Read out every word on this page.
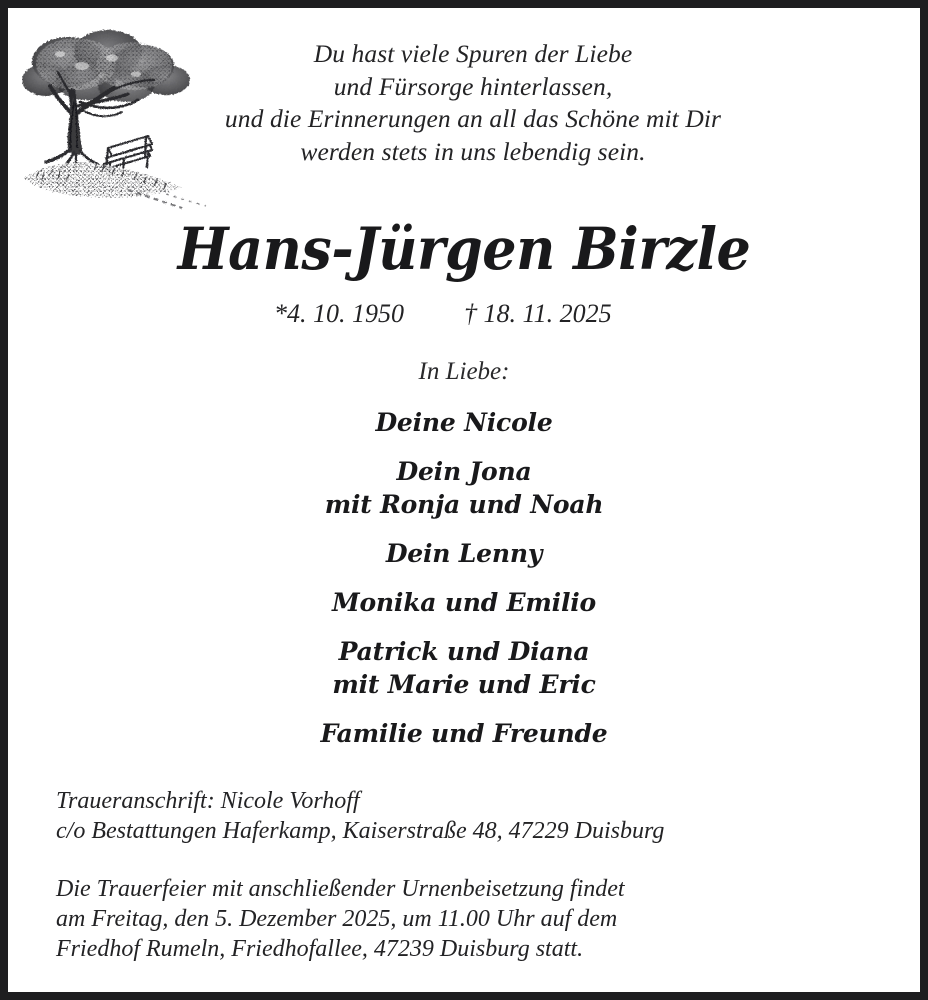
Du hast viele Spuren der Liebe
und Fürsorge hinterlassen,
und die Erinnerungen an all das Schöne mit Dir
werden stets in uns lebendig sein.
Hans-Jürgen Birzle
*4. 10. 1950	† 18. 11. 2025
In Liebe:
Deine Nicole
Dein Jona
mit Ronja und Noah
Dein Lenny
Monika und Emilio
Patrick und Diana
mit Marie und Eric
Familie und Freunde
Traueranschrift: Nicole Vorhoff
c/o Bestattungen Haferkamp, Kaiserstraße 48, 47229 Duisburg
Die Trauerfeier mit anschließender Urnenbeisetzung findet
am Freitag, den 5. Dezember 2025, um 11.00 Uhr auf dem
Friedhof Rumeln, Friedhofallee, 47239 Duisburg statt.
